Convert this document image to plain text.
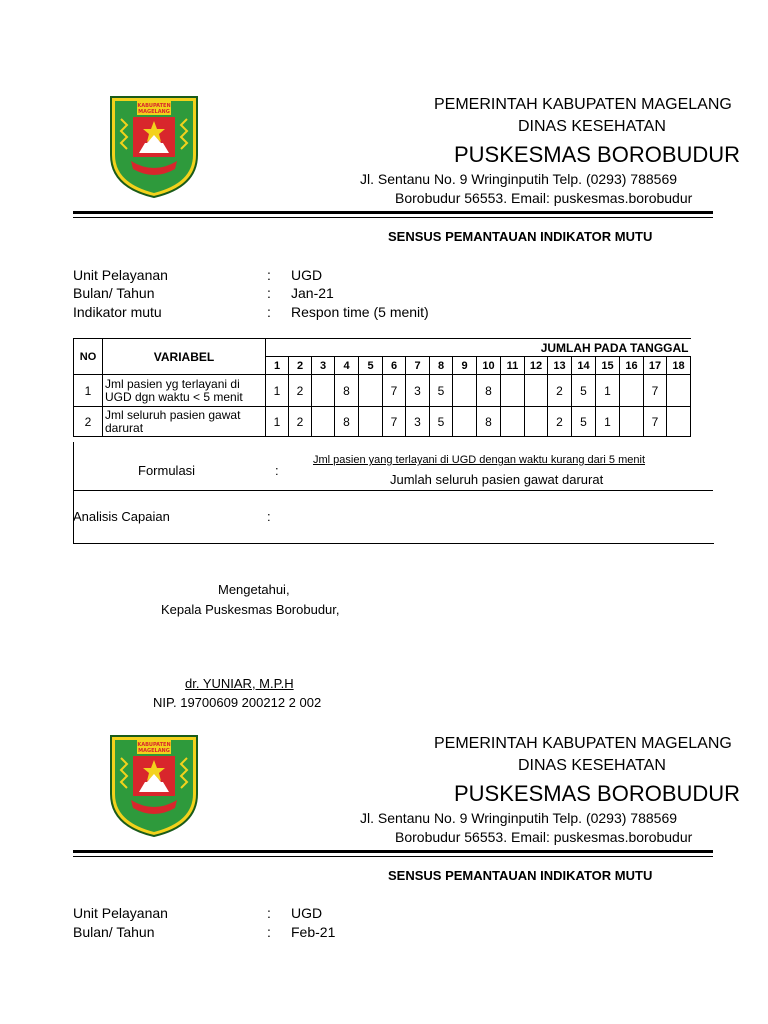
KABUPATEN
MAGELANG	PEMERINTAH KABUPATEN MAGELANG
DINAS KESEHATAN
PUSKESMAS BOROBUDUR
Jl. Sentanu No. 9 Wringinputih Telp. (0293) 788569
Borobudur 56553. Email: puskesmas.borobudur
SENSUS PEMANTAUAN INDIKATOR MUTU
Unit Pelayanan	: UGD
Bulan/ Tahun	: Jan-21
Indikator mutu	: Respon time (5 menit)
NO	VARIABEL	JUMLAH PADA TANGGAL																	
		1	2	3	4	5	6	7	8	9	10	11	12	13	14	15	16	17	18
1	Jml pasien yg terlayani di UGD dgn waktu < 5 menit	1	2		8		7	3	5		8			2	5	1		7	
2	Jml seluruh pasien gawat darurat	1	2		8		7	3	5		8			2	5	1		7	
Formulasi	:
Jml pasien yang terlayani di UGD dengan waktu kurang dari 5 menit
Jumlah seluruh pasien gawat darurat
Analisis Capaian	:
Mengetahui,
Kepala Puskesmas Borobudur,
dr. YUNIAR, M.P.H
NIP. 19700609 200212 2 002
KABUPATEN
MAGELANG	PEMERINTAH KABUPATEN MAGELANG
DINAS KESEHATAN
PUSKESMAS BOROBUDUR
Jl. Sentanu No. 9 Wringinputih Telp. (0293) 788569
Borobudur 56553. Email: puskesmas.borobudur
SENSUS PEMANTAUAN INDIKATOR MUTU
Unit Pelayanan	: UGD
Bulan/ Tahun	: Feb-21
